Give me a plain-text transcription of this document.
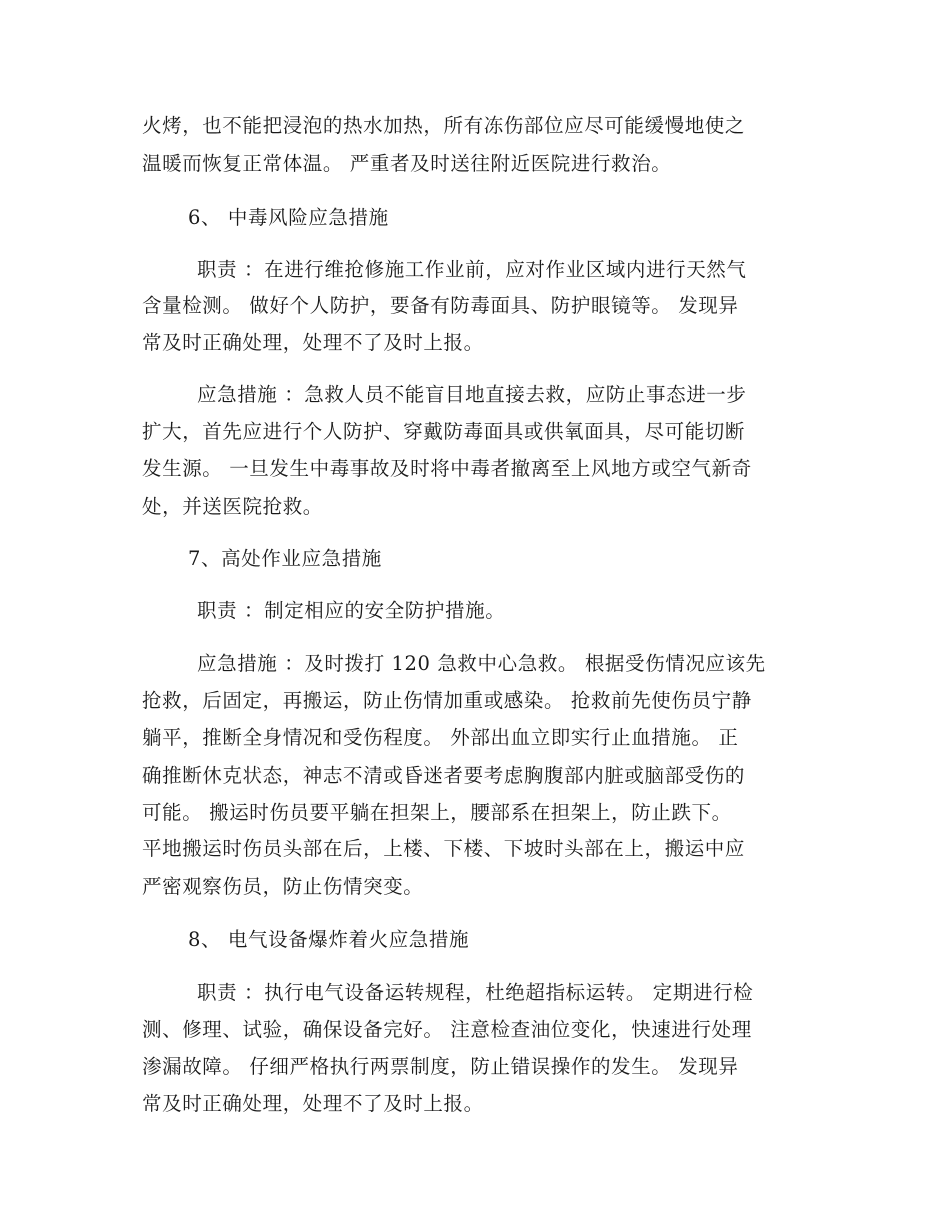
火烤，也不能把浸泡的热水加热，所有冻伤部位应尽可能缓慢地使之
温暖而恢复正常体温。 严重者及时送往附近医院进行救治。
6、 中毒风险应急措施
职责 ：在进行维抢修施工作业前，应对作业区域内进行天然气
含量检测。 做好个人防护，要备有防毒面具、防护眼镜等。 发现异
常及时正确处理，处理不了及时上报。
应急措施 ：急救人员不能盲目地直接去救，应防止事态进一步
扩大，首先应进行个人防护、穿戴防毒面具或供氧面具，尽可能切断
发生源。 一旦发生中毒事故及时将中毒者撤离至上风地方或空气新奇
处，并送医院抢救。
7、高处作业应急措施
职责 ：制定相应的安全防护措施。
应急措施 ：及时拨打 120 急救中心急救。 根据受伤情况应该先
抢救，后固定，再搬运，防止伤情加重或感染。 抢救前先使伤员宁静
躺平，推断全身情况和受伤程度。 外部出血立即实行止血措施。 正
确推断休克状态，神志不清或昏迷者要考虑胸腹部内脏或脑部受伤的
可能。 搬运时伤员要平躺在担架上，腰部系在担架上，防止跌下。
平地搬运时伤员头部在后，上楼、下楼、下坡时头部在上，搬运中应
严密观察伤员，防止伤情突变。
8、 电气设备爆炸着火应急措施
职责 ：执行电气设备运转规程，杜绝超指标运转。 定期进行检
测、修理、试验，确保设备完好。 注意检查油位变化，快速进行处理
渗漏故障。 仔细严格执行两票制度，防止错误操作的发生。 发现异
常及时正确处理，处理不了及时上报。
